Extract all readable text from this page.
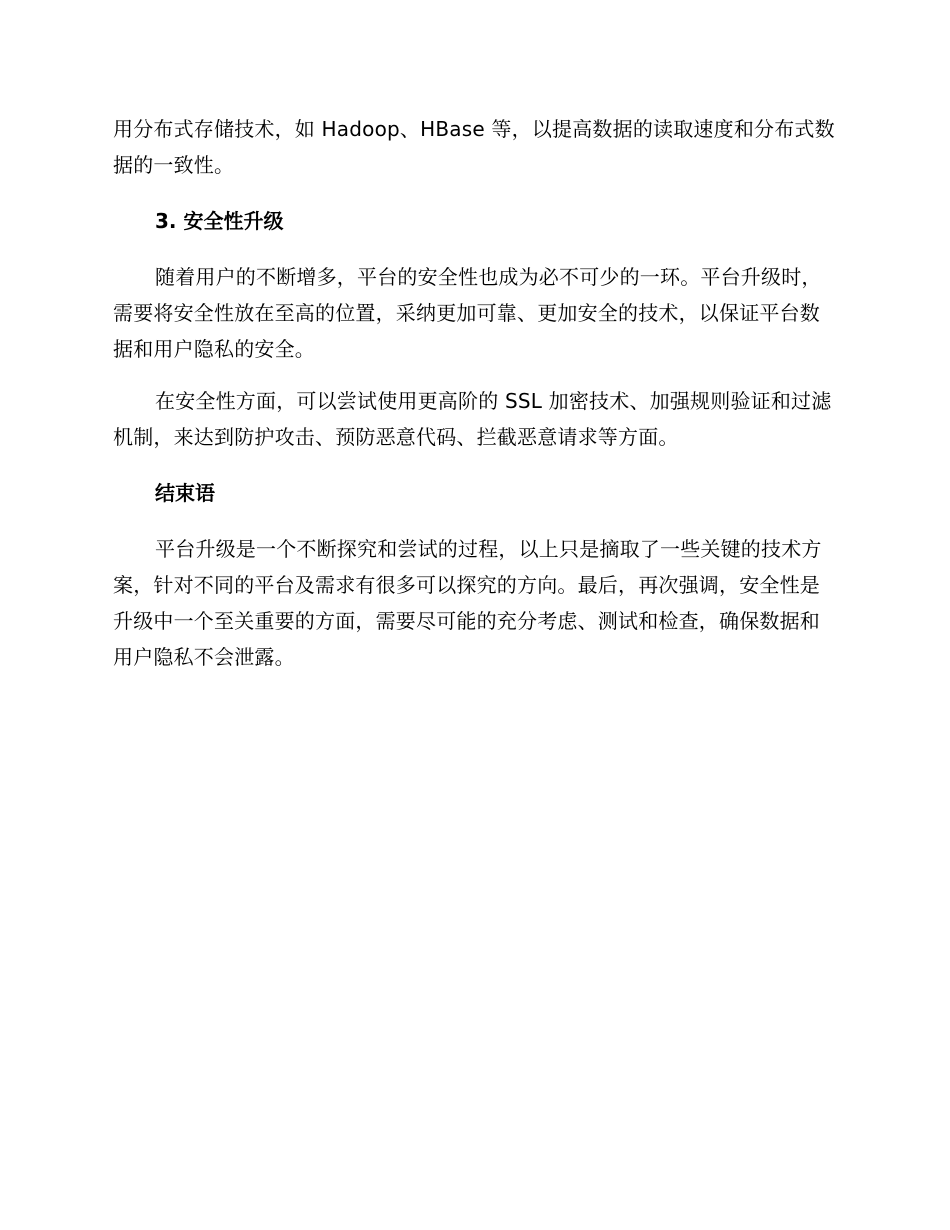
用分布式存储技术，如 Hadoop、HBase 等，以提高数据的读取速度和分布式数据的一致性。

3. 安全性升级

随着用户的不断增多，平台的安全性也成为必不可少的一环。平台升级时，需要将安全性放在至高的位置，采纳更加可靠、更加安全的技术，以保证平台数据和用户隐私的安全。

在安全性方面，可以尝试使用更高阶的 SSL 加密技术、加强规则验证和过滤机制，来达到防护攻击、预防恶意代码、拦截恶意请求等方面。

结束语

平台升级是一个不断探究和尝试的过程，以上只是摘取了一些关键的技术方案，针对不同的平台及需求有很多可以探究的方向。最后，再次强调，安全性是升级中一个至关重要的方面，需要尽可能的充分考虑、测试和检查，确保数据和用户隐私不会泄露。
